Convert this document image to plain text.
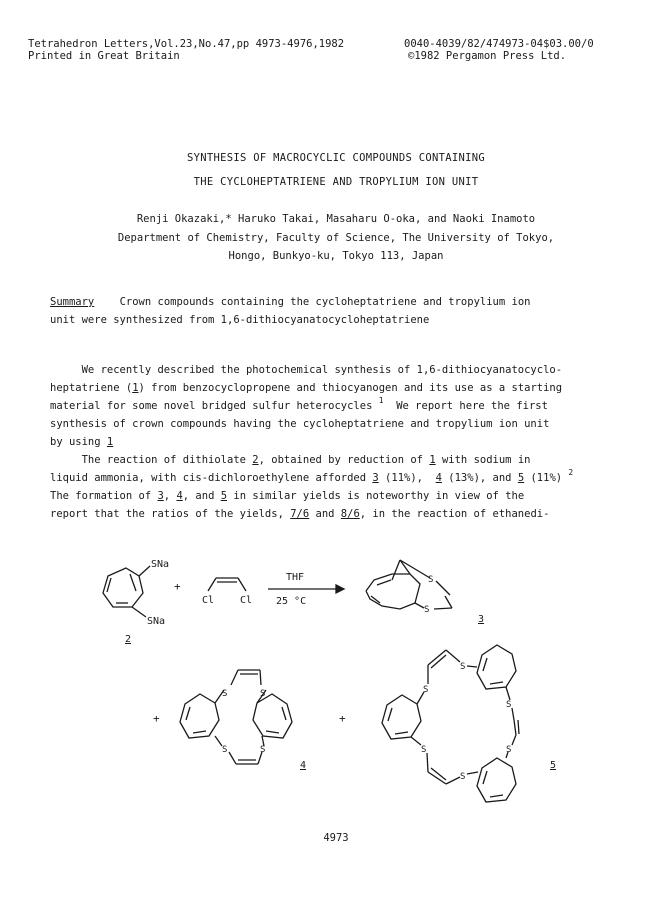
Tetrahedron Letters,Vol.23,No.47,pp 4973-4976,1982
Printed in Great Britain
0040-4039/82/474973-04$03.00/0
©1982 Pergamon Press Ltd.
SYNTHESIS OF MACROCYCLIC COMPOUNDS CONTAINING
THE CYCLOHEPTATRIENE AND TROPYLIUM ION UNIT
Renji Okazaki,* Haruko Takai, Masaharu O-oka, and Naoki Inamoto
Department of Chemistry, Faculty of Science, The University of Tokyo,
Hongo, Bunkyo-ku, Tokyo 113, Japan
Summary Crown compounds containing the cycloheptatriene and tropylium ion
unit were synthesized from 1,6-dithiocyanatocycloheptatriene
We recently described the photochemical synthesis of 1,6-dithiocyanatocyclo-
heptatriene (1) from benzocyclopropene and thiocyanogen and its use as a starting
material for some novel bridged sulfur heterocycles $^1$  We report here the first
synthesis of crown compounds having the cycloheptatriene and tropylium ion unit
by using 1
The reaction of dithiolate 2, obtained by reduction of 1 with sodium in
liquid ammonia, with cis-dichloroethylene afforded 3 (11%),  4 (13%), and 5 (11%) $^2$
The formation of 3, 4, and 5 in similar yields is noteworthy in view of the
report that the ratios of the yields, 7/6 and 8/6, in the reaction of ethanedi-
SNa
SNa
2
+
Cl	Cl
THF
25 °C
S
S
3
+
S	S
S	S
4
+
S
S
S
S
S
S
5
4973
